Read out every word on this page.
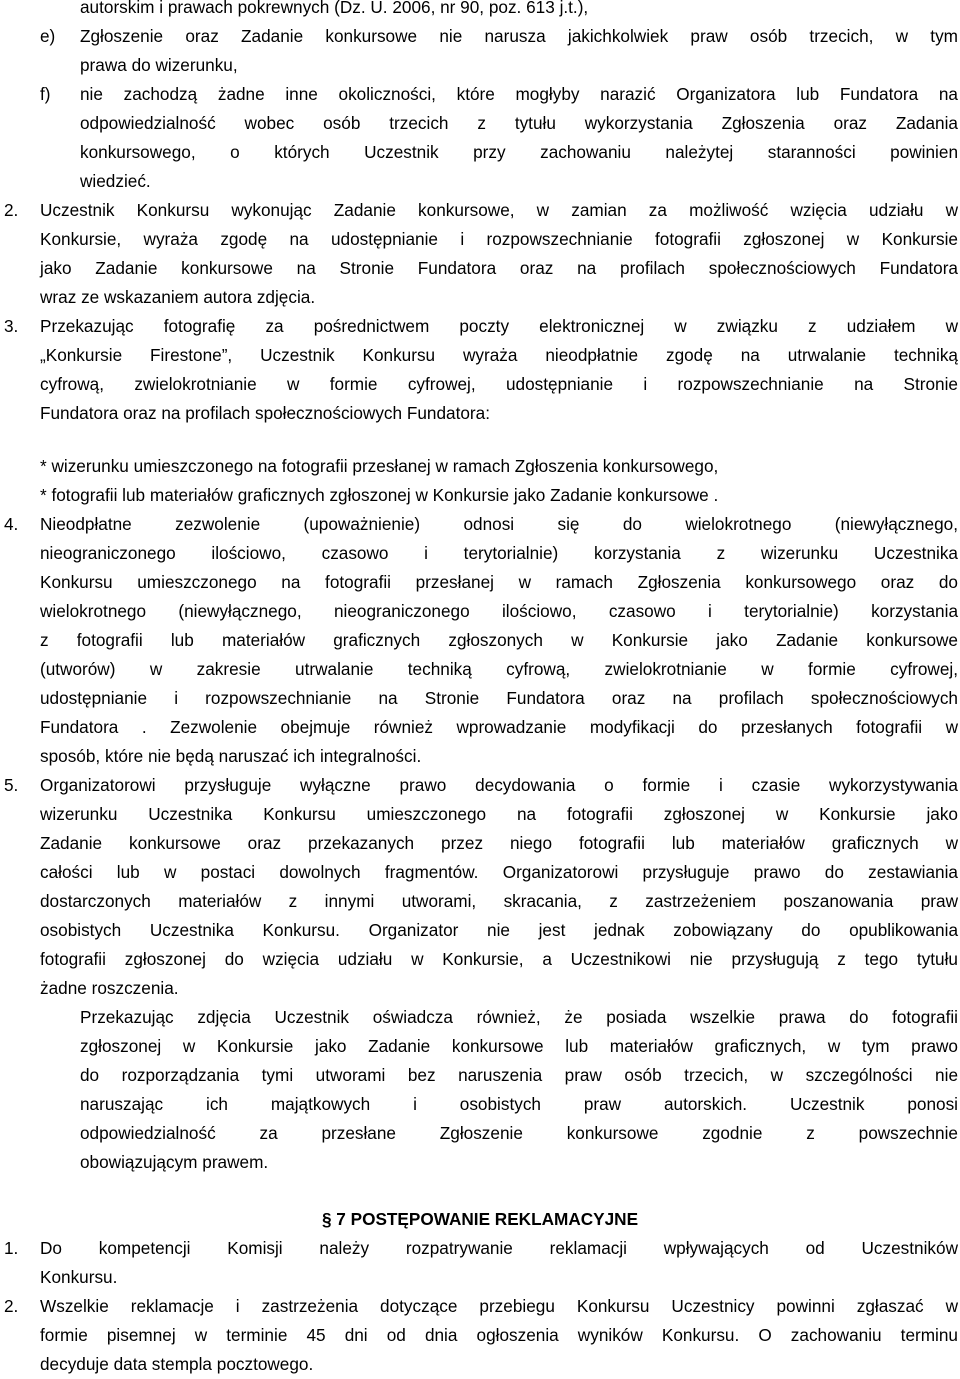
autorskim i prawach pokrewnych (Dz. U. 2006, nr 90, poz. 613 j.t.),
e) Zgłoszenie oraz Zadanie konkursowe nie narusza jakichkolwiek praw osób trzecich, w tym
prawa do wizerunku,
f) nie zachodzą żadne inne okoliczności, które mogłyby narazić Organizatora lub Fundatora na
odpowiedzialność wobec osób trzecich z tytułu wykorzystania Zgłoszenia oraz Zadania
konkursowego, o których Uczestnik przy zachowaniu należytej staranności powinien
wiedzieć.
2. Uczestnik Konkursu wykonując Zadanie konkursowe, w zamian za możliwość wzięcia udziału w
Konkursie, wyraża zgodę na udostępnianie i rozpowszechnianie fotografii zgłoszonej w Konkursie
jako Zadanie konkursowe na Stronie Fundatora oraz na profilach społecznościowych Fundatora
wraz ze wskazaniem autora zdjęcia.
3. Przekazując fotografię za pośrednictwem poczty elektronicznej w związku z udziałem w
„Konkursie Firestone”, Uczestnik Konkursu wyraża nieodpłatnie zgodę na utrwalanie techniką
cyfrową, zwielokrotnianie w formie cyfrowej, udostępnianie i rozpowszechnianie na Stronie
Fundatora oraz na profilach społecznościowych Fundatora:
* wizerunku umieszczonego na fotografii przesłanej w ramach Zgłoszenia konkursowego,
* fotografii lub materiałów graficznych zgłoszonej w Konkursie jako Zadanie konkursowe .
4. Nieodpłatne zezwolenie (upoważnienie) odnosi się do wielokrotnego (niewyłącznego,
nieograniczonego ilościowo, czasowo i terytorialnie) korzystania z wizerunku Uczestnika
Konkursu umieszczonego na fotografii przesłanej w ramach Zgłoszenia konkursowego oraz do
wielokrotnego (niewyłącznego, nieograniczonego ilościowo, czasowo i terytorialnie) korzystania
z fotografii lub materiałów graficznych zgłoszonych w Konkursie jako Zadanie konkursowe
(utworów) w zakresie utrwalanie techniką cyfrową, zwielokrotnianie w formie cyfrowej,
udostępnianie i rozpowszechnianie na Stronie Fundatora oraz na profilach społecznościowych
Fundatora . Zezwolenie obejmuje również wprowadzanie modyfikacji do przesłanych fotografii w
sposób, które nie będą naruszać ich integralności.
5. Organizatorowi przysługuje wyłączne prawo decydowania o formie i czasie wykorzystywania
wizerunku Uczestnika Konkursu umieszczonego na fotografii zgłoszonej w Konkursie jako
Zadanie konkursowe oraz przekazanych przez niego fotografii lub materiałów graficznych w
całości lub w postaci dowolnych fragmentów. Organizatorowi przysługuje prawo do zestawiania
dostarczonych materiałów z innymi utworami, skracania, z zastrzeżeniem poszanowania praw
osobistych Uczestnika Konkursu. Organizator nie jest jednak zobowiązany do opublikowania
fotografii zgłoszonej do wzięcia udziału w Konkursie, a Uczestnikowi nie przysługują z tego tytułu
żadne roszczenia.
Przekazując zdjęcia Uczestnik oświadcza również, że posiada wszelkie prawa do fotografii
zgłoszonej w Konkursie jako Zadanie konkursowe lub materiałów graficznych, w tym prawo
do rozporządzania tymi utworami bez naruszenia praw osób trzecich, w szczególności nie
naruszając ich majątkowych i osobistych praw autorskich. Uczestnik ponosi
odpowiedzialność za przesłane Zgłoszenie konkursowe zgodnie z powszechnie
obowiązującym prawem.
§ 7 POSTĘPOWANIE REKLAMACYJNE
1. Do kompetencji Komisji należy rozpatrywanie reklamacji wpływających od Uczestników
Konkursu.
2. Wszelkie reklamacje i zastrzeżenia dotyczące przebiegu Konkursu Uczestnicy powinni zgłaszać w
formie pisemnej w terminie 45 dni od dnia ogłoszenia wyników Konkursu. O zachowaniu terminu
decyduje data stempla pocztowego.
